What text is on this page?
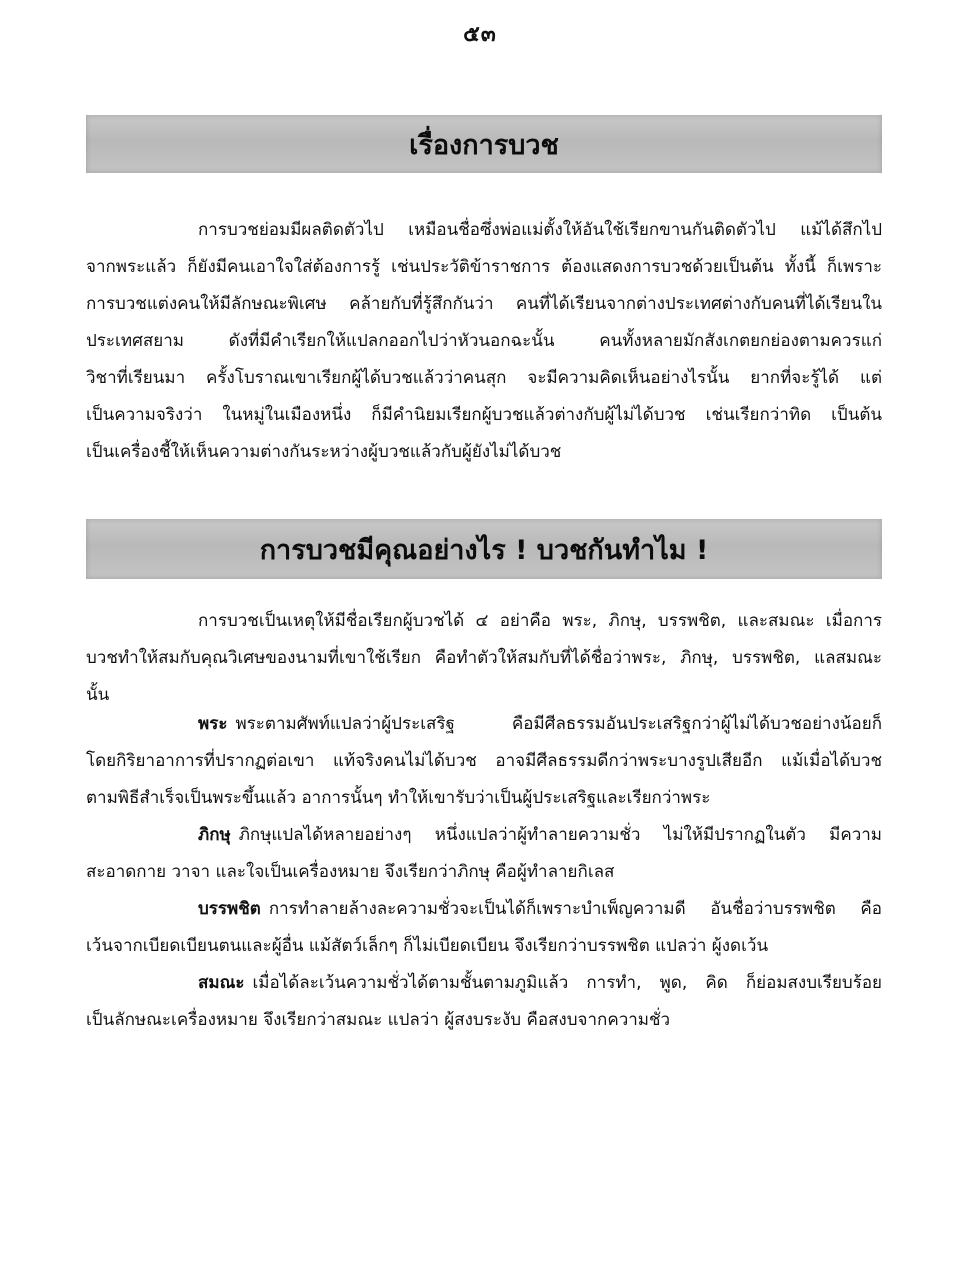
๕๓
เรื่องการบวช
การบวชย่อมมีผลติดตัวไป เหมือนชื่อซึ่งพ่อแม่ตั้งให้อันใช้เรียกขานกันติดตัวไป แม้ได้สึกไป
จากพระแล้ว ก็ยังมีคนเอาใจใส่ต้องการรู้ เช่นประวัติข้าราชการ ต้องแสดงการบวชด้วยเป็นต้น ทั้งนี้ ก็เพราะ
การบวชแต่งคนให้มีลักษณะพิเศษ คล้ายกับที่รู้สึกกันว่า คนที่ได้เรียนจากต่างประเทศต่างกับคนที่ได้เรียนใน
ประเทศสยาม ดังที่มีคำเรียกให้แปลกออกไปว่าหัวนอกฉะนั้น คนทั้งหลายมักสังเกตยกย่องตามควรแก่
วิชาที่เรียนมา ครั้งโบราณเขาเรียกผู้ได้บวชแล้วว่าคนสุก จะมีความคิดเห็นอย่างไรนั้น ยากที่จะรู้ได้ แต่
เป็นความจริงว่า ในหมู่ในเมืองหนึ่ง ก็มีคำนิยมเรียกผู้บวชแล้วต่างกับผู้ไม่ได้บวช เช่นเรียกว่าทิด เป็นต้น
เป็นเครื่องชี้ให้เห็นความต่างกันระหว่างผู้บวชแล้วกับผู้ยังไม่ได้บวช
การบวชมีคุณอย่างไร ! บวชกันทำไม !
การบวชเป็นเหตุให้มีชื่อเรียกผู้บวชได้ ๔ อย่าคือ พระ, ภิกษุ, บรรพชิต, และสมณะ เมื่อการ
บวชทำให้สมกับคุณวิเศษของนามที่เขาใช้เรียก คือทำตัวให้สมกับที่ได้ชื่อว่าพระ, ภิกษุ, บรรพชิต, แลสมณะ
นั้น
พระ พระตามศัพท์แปลว่าผู้ประเสริฐ คือมีศีลธรรมอันประเสริฐกว่าผู้ไม่ได้บวชอย่างน้อยก็
โดยกิริยาอาการที่ปรากฏต่อเขา แท้จริงคนไม่ได้บวช อาจมีศีลธรรมดีกว่าพระบางรูปเสียอีก แม้เมื่อได้บวช
ตามพิธีสำเร็จเป็นพระขึ้นแล้ว อาการนั้นๆ ทำให้เขารับว่าเป็นผู้ประเสริฐและเรียกว่าพระ
ภิกษุ ภิกษุแปลได้หลายอย่างๆ หนึ่งแปลว่าผู้ทำลายความชั่ว ไม่ให้มีปรากฏในตัว มีความ
สะอาดกาย วาจา และใจเป็นเครื่องหมาย จึงเรียกว่าภิกษุ คือผู้ทำลายกิเลส
บรรพชิต การทำลายล้างละความชั่วจะเป็นได้ก็เพราะบำเพ็ญความดี อันชื่อว่าบรรพชิต คือ
เว้นจากเบียดเบียนตนและผู้อื่น แม้สัตว์เล็กๆ ก็ไม่เบียดเบียน จึงเรียกว่าบรรพชิต แปลว่า ผู้งดเว้น
สมณะ เมื่อได้ละเว้นความชั่วได้ตามชั้นตามภูมิแล้ว การทำ, พูด, คิด ก็ย่อมสงบเรียบร้อย
เป็นลักษณะเครื่องหมาย จึงเรียกว่าสมณะ แปลว่า ผู้สงบระงับ คือสงบจากความชั่ว
